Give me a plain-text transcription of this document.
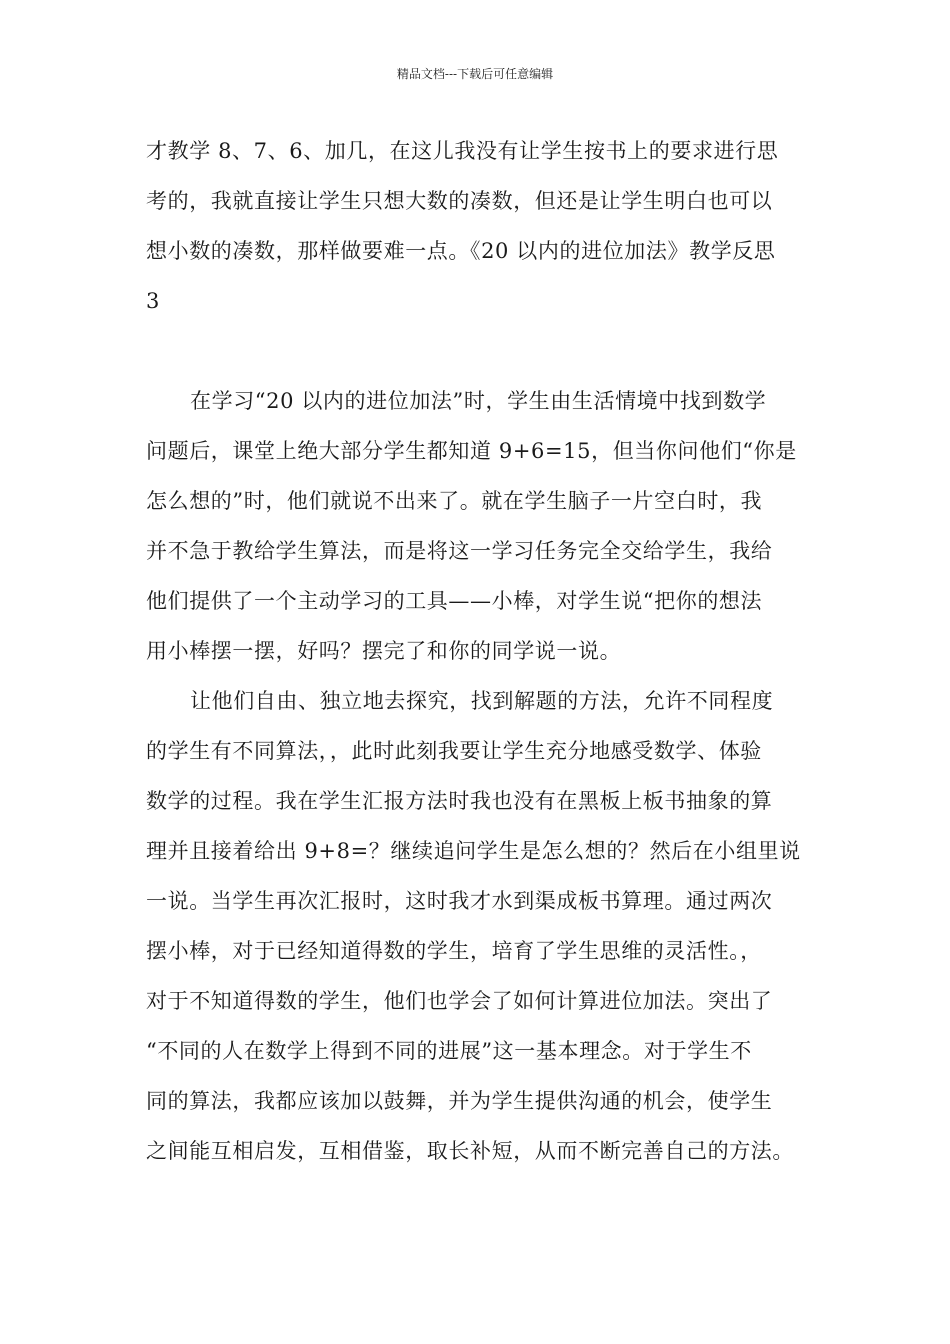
精品文档---下载后可任意编辑
才教学 8、7、6、加几，在这儿我没有让学生按书上的要求进行思
考的，我就直接让学生只想大数的凑数，但还是让学生明白也可以
想小数的凑数，那样做要难一点。《20 以内的进位加法》教学反思
3
在学习“20 以内的进位加法”时，学生由生活情境中找到数学
问题后，课堂上绝大部分学生都知道 9+6=15，但当你问他们“你是
怎么想的”时，他们就说不出来了。就在学生脑子一片空白时，我
并不急于教给学生算法，而是将这一学习任务完全交给学生，我给
他们提供了一个主动学习的工具——小棒，对学生说“把你的想法
用小棒摆一摆，好吗？摆完了和你的同学说一说。
让他们自由、独立地去探究，找到解题的方法，允许不同程度
的学生有不同算法，，此时此刻我要让学生充分地感受数学、体验
数学的过程。我在学生汇报方法时我也没有在黑板上板书抽象的算
理并且接着给出 9+8=？继续追问学生是怎么想的？然后在小组里说
一说。当学生再次汇报时，这时我才水到渠成板书算理。通过两次
摆小棒，对于已经知道得数的学生，培育了学生思维的灵活性。，
对于不知道得数的学生，他们也学会了如何计算进位加法。突出了
“不同的人在数学上得到不同的进展”这一基本理念。对于学生不
同的算法，我都应该加以鼓舞，并为学生提供沟通的机会，使学生
之间能互相启发，互相借鉴，取长补短，从而不断完善自己的方法。
